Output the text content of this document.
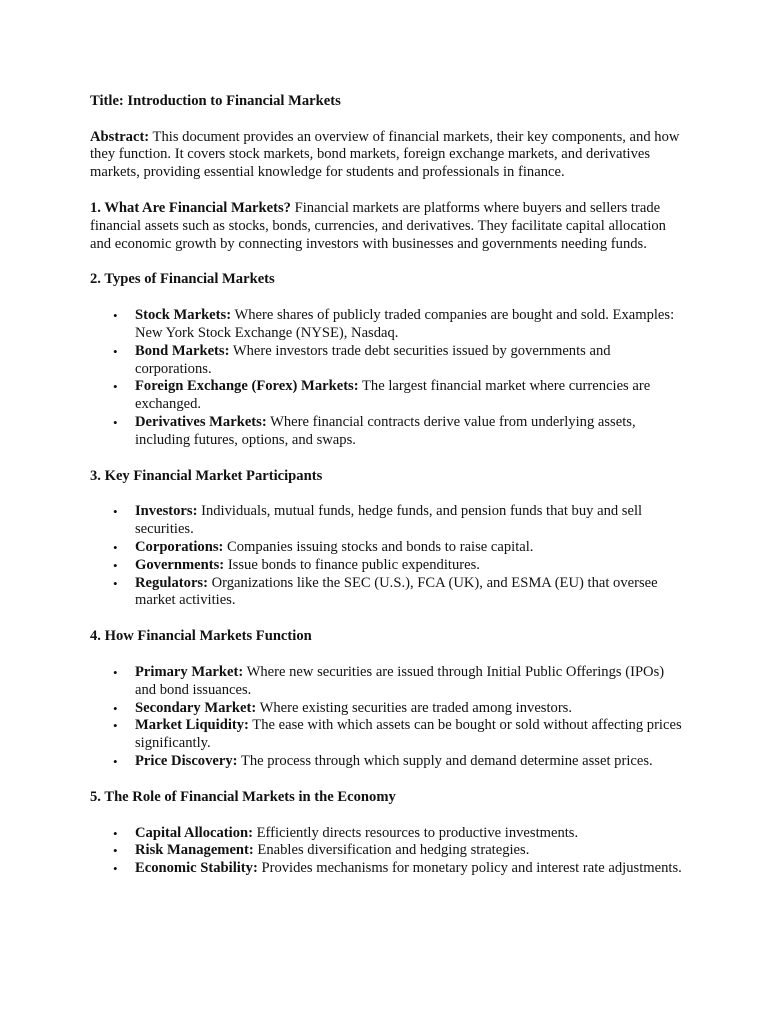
Title: Introduction to Financial Markets

Abstract: This document provides an overview of financial markets, their key components, and how they function. It covers stock markets, bond markets, foreign exchange markets, and derivatives markets, providing essential knowledge for students and professionals in finance.

1. What Are Financial Markets? Financial markets are platforms where buyers and sellers trade financial assets such as stocks, bonds, currencies, and derivatives. They facilitate capital allocation and economic growth by connecting investors with businesses and governments needing funds.

2. Types of Financial Markets

• Stock Markets: Where shares of publicly traded companies are bought and sold. Examples: New York Stock Exchange (NYSE), Nasdaq.
• Bond Markets: Where investors trade debt securities issued by governments and corporations.
• Foreign Exchange (Forex) Markets: The largest financial market where currencies are exchanged.
• Derivatives Markets: Where financial contracts derive value from underlying assets, including futures, options, and swaps.

3. Key Financial Market Participants

• Investors: Individuals, mutual funds, hedge funds, and pension funds that buy and sell securities.
• Corporations: Companies issuing stocks and bonds to raise capital.
• Governments: Issue bonds to finance public expenditures.
• Regulators: Organizations like the SEC (U.S.), FCA (UK), and ESMA (EU) that oversee market activities.

4. How Financial Markets Function

• Primary Market: Where new securities are issued through Initial Public Offerings (IPOs) and bond issuances.
• Secondary Market: Where existing securities are traded among investors.
• Market Liquidity: The ease with which assets can be bought or sold without affecting prices significantly.
• Price Discovery: The process through which supply and demand determine asset prices.

5. The Role of Financial Markets in the Economy

• Capital Allocation: Efficiently directs resources to productive investments.
• Risk Management: Enables diversification and hedging strategies.
• Economic Stability: Provides mechanisms for monetary policy and interest rate adjustments.
